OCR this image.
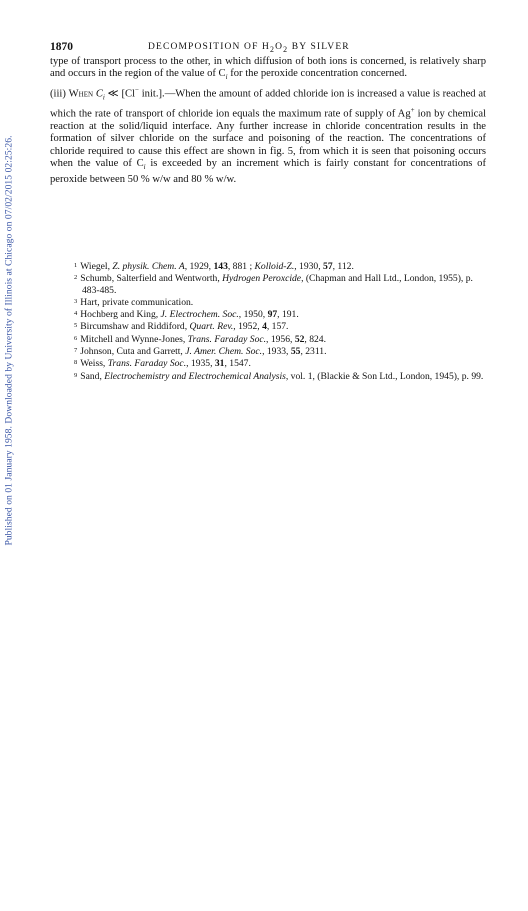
Published on 01 January 1958. Downloaded by University of Illinois at Chicago on 07/02/2015 02:25:26.
1870	DECOMPOSITION OF $H_2O_2$ BY SILVER

type of transport process to the other, in which diffusion of both ions is concerned, is relatively sharp and occurs in the region of the value of $C_i$ for the peroxide concentration concerned.

(iii) When $C_i$ ≪ [Cl− init.].—When the amount of added chloride ion is increased a value is reached at which the rate of transport of chloride ion equals the maximum rate of supply of Ag+ ion by chemical reaction at the solid/liquid interface. Any further increase in chloride concentration results in the formation of silver chloride on the surface and poisoning of the reaction. The concentrations of chloride required to cause this effect are shown in fig. 5, from which it is seen that poisoning occurs when the value of $C_i$ is exceeded by an increment which is fairly constant for concentrations of peroxide between 50 % w/w and 80 % w/w.

$^1$ Wiegel, Z. physik. Chem. A, 1929, 143, 881 ; Kolloid-Z., 1930, 57, 112.

$^2$ Schumb, Salterfield and Wentworth, Hydrogen Peroxcide, (Chapman and Hall Ltd., London, 1955), p. 483-485.

$^3$ Hart, private communication.

$^4$ Hochberg and King, J. Electrochem. Soc., 1950, 97, 191.

$^5$ Bircumshaw and Riddiford, Quart. Rev., 1952, 4, 157.

$^6$ Mitchell and Wynne-Jones, Trans. Faraday Soc., 1956, 52, 824.

$^7$ Johnson, Cuta and Garrett, J. Amer. Chem. Soc., 1933, 55, 2311.

$^8$ Weiss, Trans. Faraday Soc., 1935, 31, 1547.

$^9$ Sand, Electrochemistry and Electrochemical Analysis, vol. 1, (Blackie & Son Ltd., London, 1945), p. 99.
